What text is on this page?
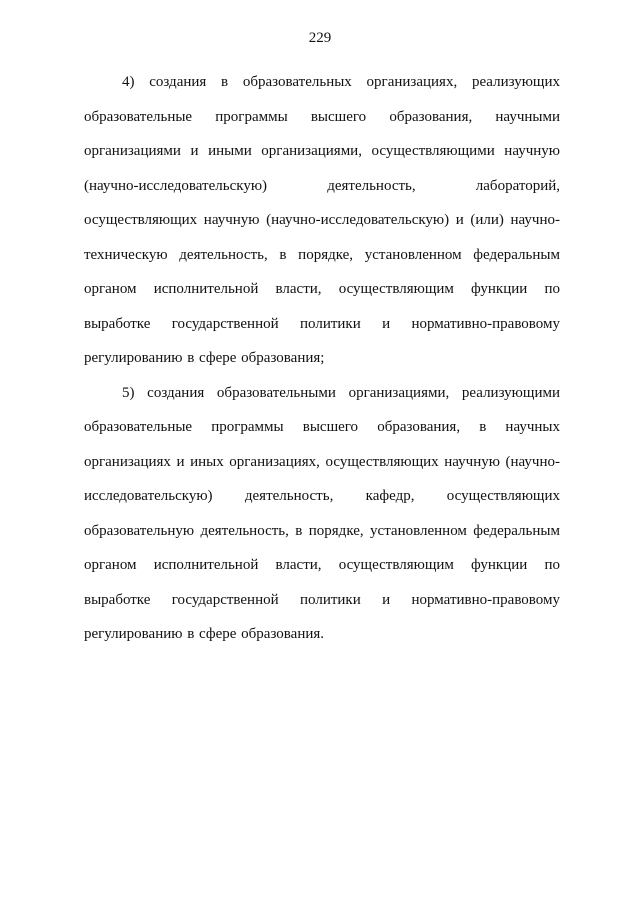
229

4) создания в образовательных организациях, реализующих образовательные программы высшего образования, научными организациями и иными организациями, осуществляющими научную (научно-исследовательскую) деятельность, лабораторий, осуществляющих научную (научно-исследовательскую) и (или) научно-техническую деятельность, в порядке, установленном федеральным органом исполнительной власти, осуществляющим функции по выработке государственной политики и нормативно-правовому регулированию в сфере образования;

5) создания образовательными организациями, реализующими образовательные программы высшего образования, в научных организациях и иных организациях, осуществляющих научную (научно-исследовательскую) деятельность, кафедр, осуществляющих образовательную деятельность, в порядке, установленном федеральным органом исполнительной власти, осуществляющим функции по выработке государственной политики и нормативно-правовому регулированию в сфере образования.
